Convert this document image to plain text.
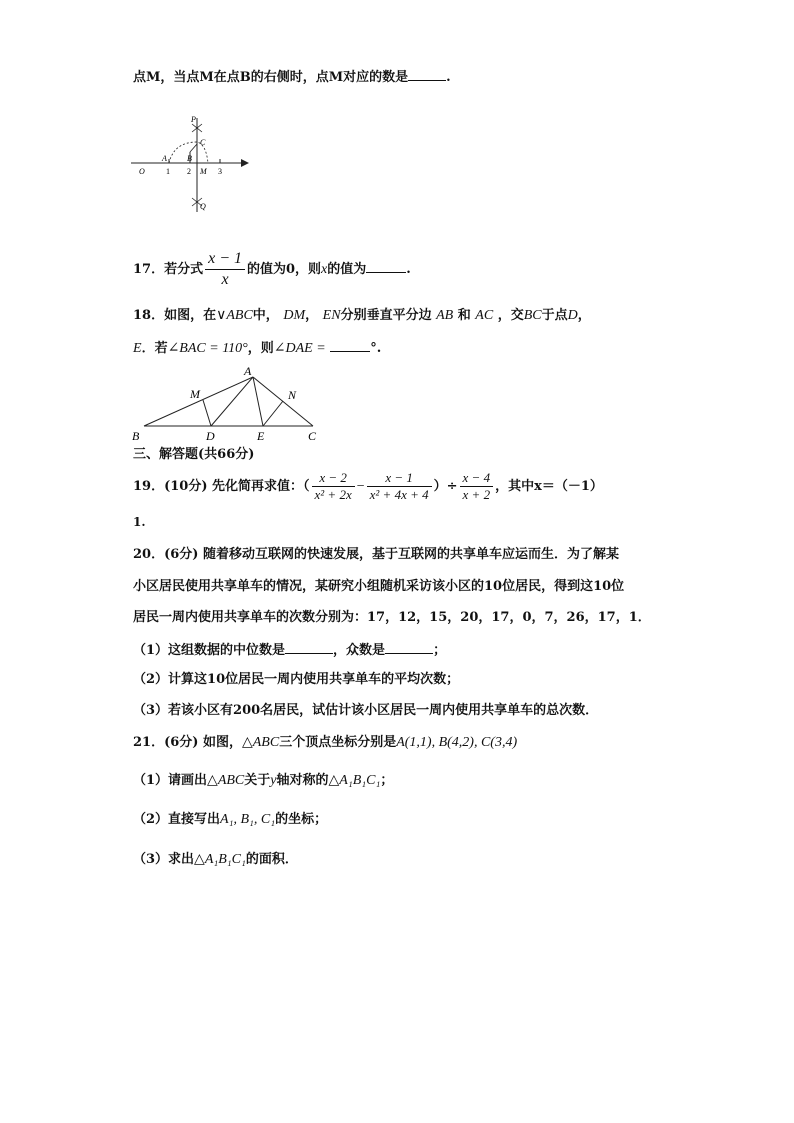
点M，当点M在点B的右侧时，点M对应的数是	.
P
C
A	B
O	1 2 M 3
Q
17．若分式 $\frac{x - 1}{x}$ 的值为0，则x的值为	.
18．如图，在∨ABC中， DM， EN分别垂直平分边 AB 和 AC ，交BC于点D，
E．若∠BAC = 110°，则∠DAE =	°.
A
M	N
B	D	E	C
三、解答题(共66分)
19．(10分) 先化简再求值：（ $\frac{x - 2}{\text{x² + 2x}} - \frac{x - 1}{\text{x² + 4x + 4}}$ ）÷ $\frac{x - 4}{x + 2}$ ，其中x＝（－1）
1.
20．(6分) 随着移动互联网的快速发展，基于互联网的共享单车应运而生．为了解某
小区居民使用共享单车的情况，某研究小组随机采访该小区的10位居民，得到这10位
居民一周内使用共享单车的次数分别为：17，12，15，20，17，0，7，26，17，1．
（1）这组数据的中位数是	，众数是	；
（2）计算这10位居民一周内使用共享单车的平均次数；
（3）若该小区有200名居民，试估计该小区居民一周内使用共享单车的总次数．
21．(6分) 如图，△ABC三个顶点坐标分别是A(1,1), B(4,2), C(3,4)
（1）请画出△ABC关于y轴对称的△A₁B₁C₁；
（2）直接写出A₁, B₁, C₁的坐标；
（3）求出△A₁B₁C₁的面积．
